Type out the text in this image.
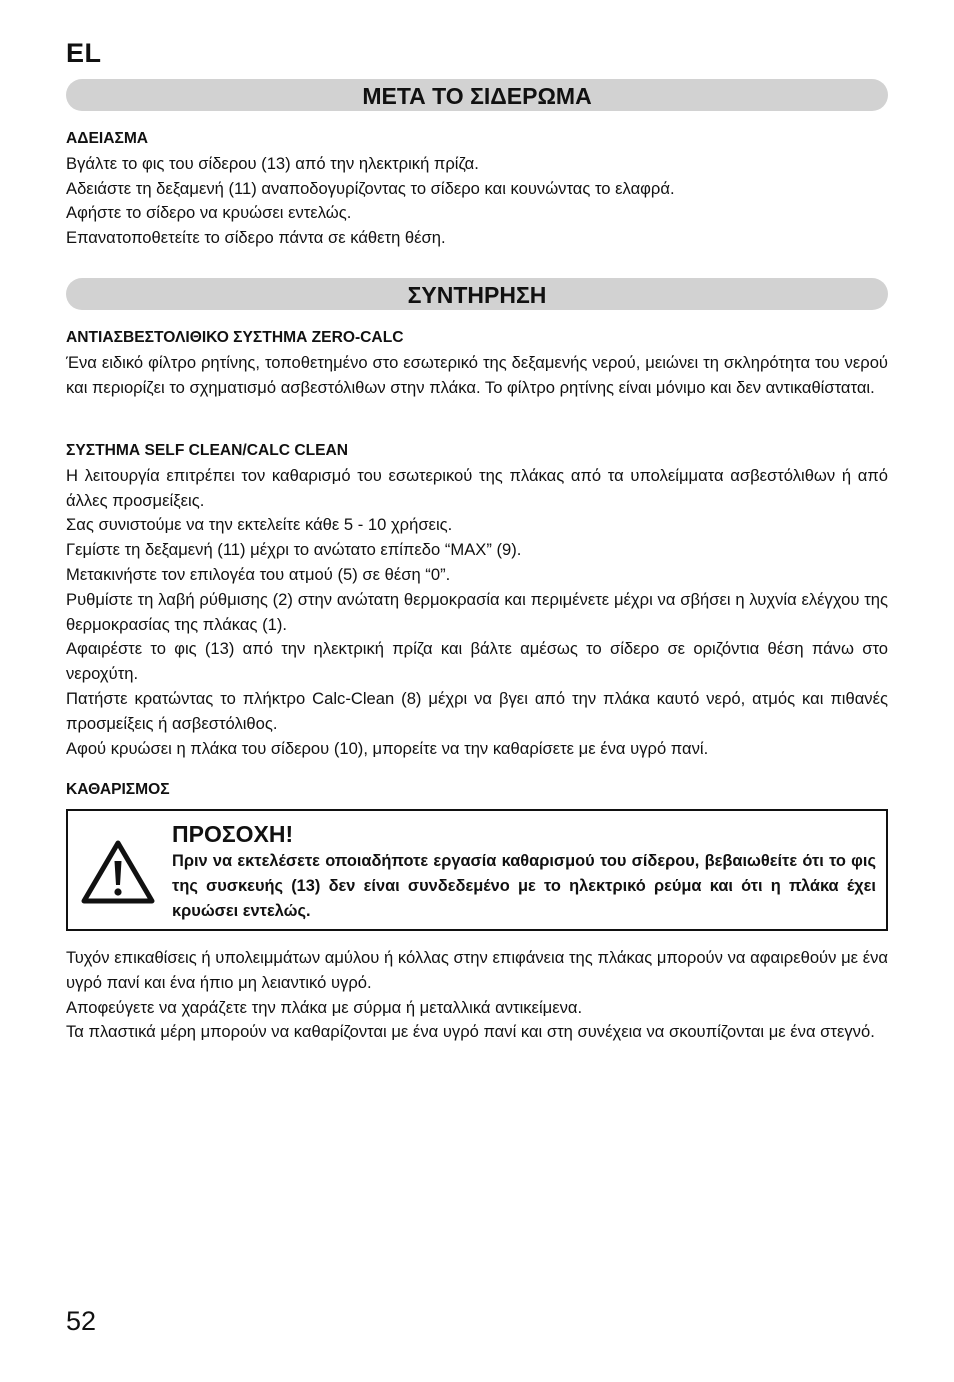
EL
ΜΕΤΑ ΤΟ ΣΙΔΕΡΩΜΑ
ΑΔΕΙΑΣΜΑ

Βγάλτε το φις του σίδερου (13) από την ηλεκτρική πρίζα.

Αδειάστε τη δεξαμενή (11) αναποδογυρίζοντας το σίδερο και κουνώντας το ελαφρά.

Αφήστε το σίδερο να κρυώσει εντελώς.

Επανατοποθετείτε το σίδερο πάντα σε κάθετη θέση.

ΣΥΝΤΗΡΗΣΗ
ΑΝΤΙΑΣΒΕΣΤΟΛΙΘΙΚΟ ΣΥΣΤΗΜΑ ZERO-CALC

Ένα ειδικό φίλτρο ρητίνης, τοποθετημένο στο εσωτερικό της δεξαμενής νερού, μειώνει τη σκληρότητα του νερού και περιορίζει το σχηματισμό ασβεστόλιθων στην πλάκα. Το φίλτρο ρητίνης είναι μόνιμο και δεν αντικαθίσταται.

ΣΥΣΤΗΜΑ SELF CLEAN/CALC CLEAN

Η λειτουργία επιτρέπει τον καθαρισμό του εσωτερικού της πλάκας από τα υπολείμματα ασβεστόλιθων ή από άλλες προσμείξεις.

Σας συνιστούμε να την εκτελείτε κάθε 5 - 10 χρήσεις.

Γεμίστε τη δεξαμενή (11) μέχρι το ανώτατο επίπεδο “MAX” (9).

Μετακινήστε τον επιλογέα του ατμού (5) σε θέση “0”.

Ρυθμίστε τη λαβή ρύθμισης (2) στην ανώτατη θερμοκρασία και περιμένετε μέχρι να σβήσει η λυχνία ελέγχου της θερμοκρασίας της πλάκας (1).

Αφαιρέστε το φις (13) από την ηλεκτρική πρίζα και βάλτε αμέσως το σίδερο σε οριζόντια θέση πάνω στο νεροχύτη.

Πατήστε κρατώντας το πλήκτρο Calc-Clean (8) μέχρι να βγει από την πλάκα καυτό νερό, ατμός και πιθανές προσμείξεις ή ασβεστόλιθος.

Αφού κρυώσει η πλάκα του σίδερου (10), μπορείτε να την καθαρίσετε με ένα υγρό πανί.

ΚΑΘΑΡΙΣΜΟΣ
ΠΡΟΣΟΧΗ!
Πριν να εκτελέσετε οποιαδήποτε εργασία καθαρισμού του σίδερου, βεβαιωθείτε ότι το φις της συσκευής (13) δεν είναι συνδεδεμένο με το ηλεκτρικό ρεύμα και ότι η πλάκα έχει κρυώσει εντελώς.

Τυχόν επικαθίσεις ή υπολειμμάτων αμύλου ή κόλλας στην επιφάνεια της πλάκας μπορούν να αφαιρεθούν με ένα υγρό πανί και ένα ήπιο μη λειαντικό υγρό.

Αποφεύγετε να χαράζετε την πλάκα με σύρμα ή μεταλλικά αντικείμενα.

Τα πλαστικά μέρη μπορούν να καθαρίζονται με ένα υγρό πανί και στη συνέχεια να σκουπίζονται με ένα στεγνό.

52
